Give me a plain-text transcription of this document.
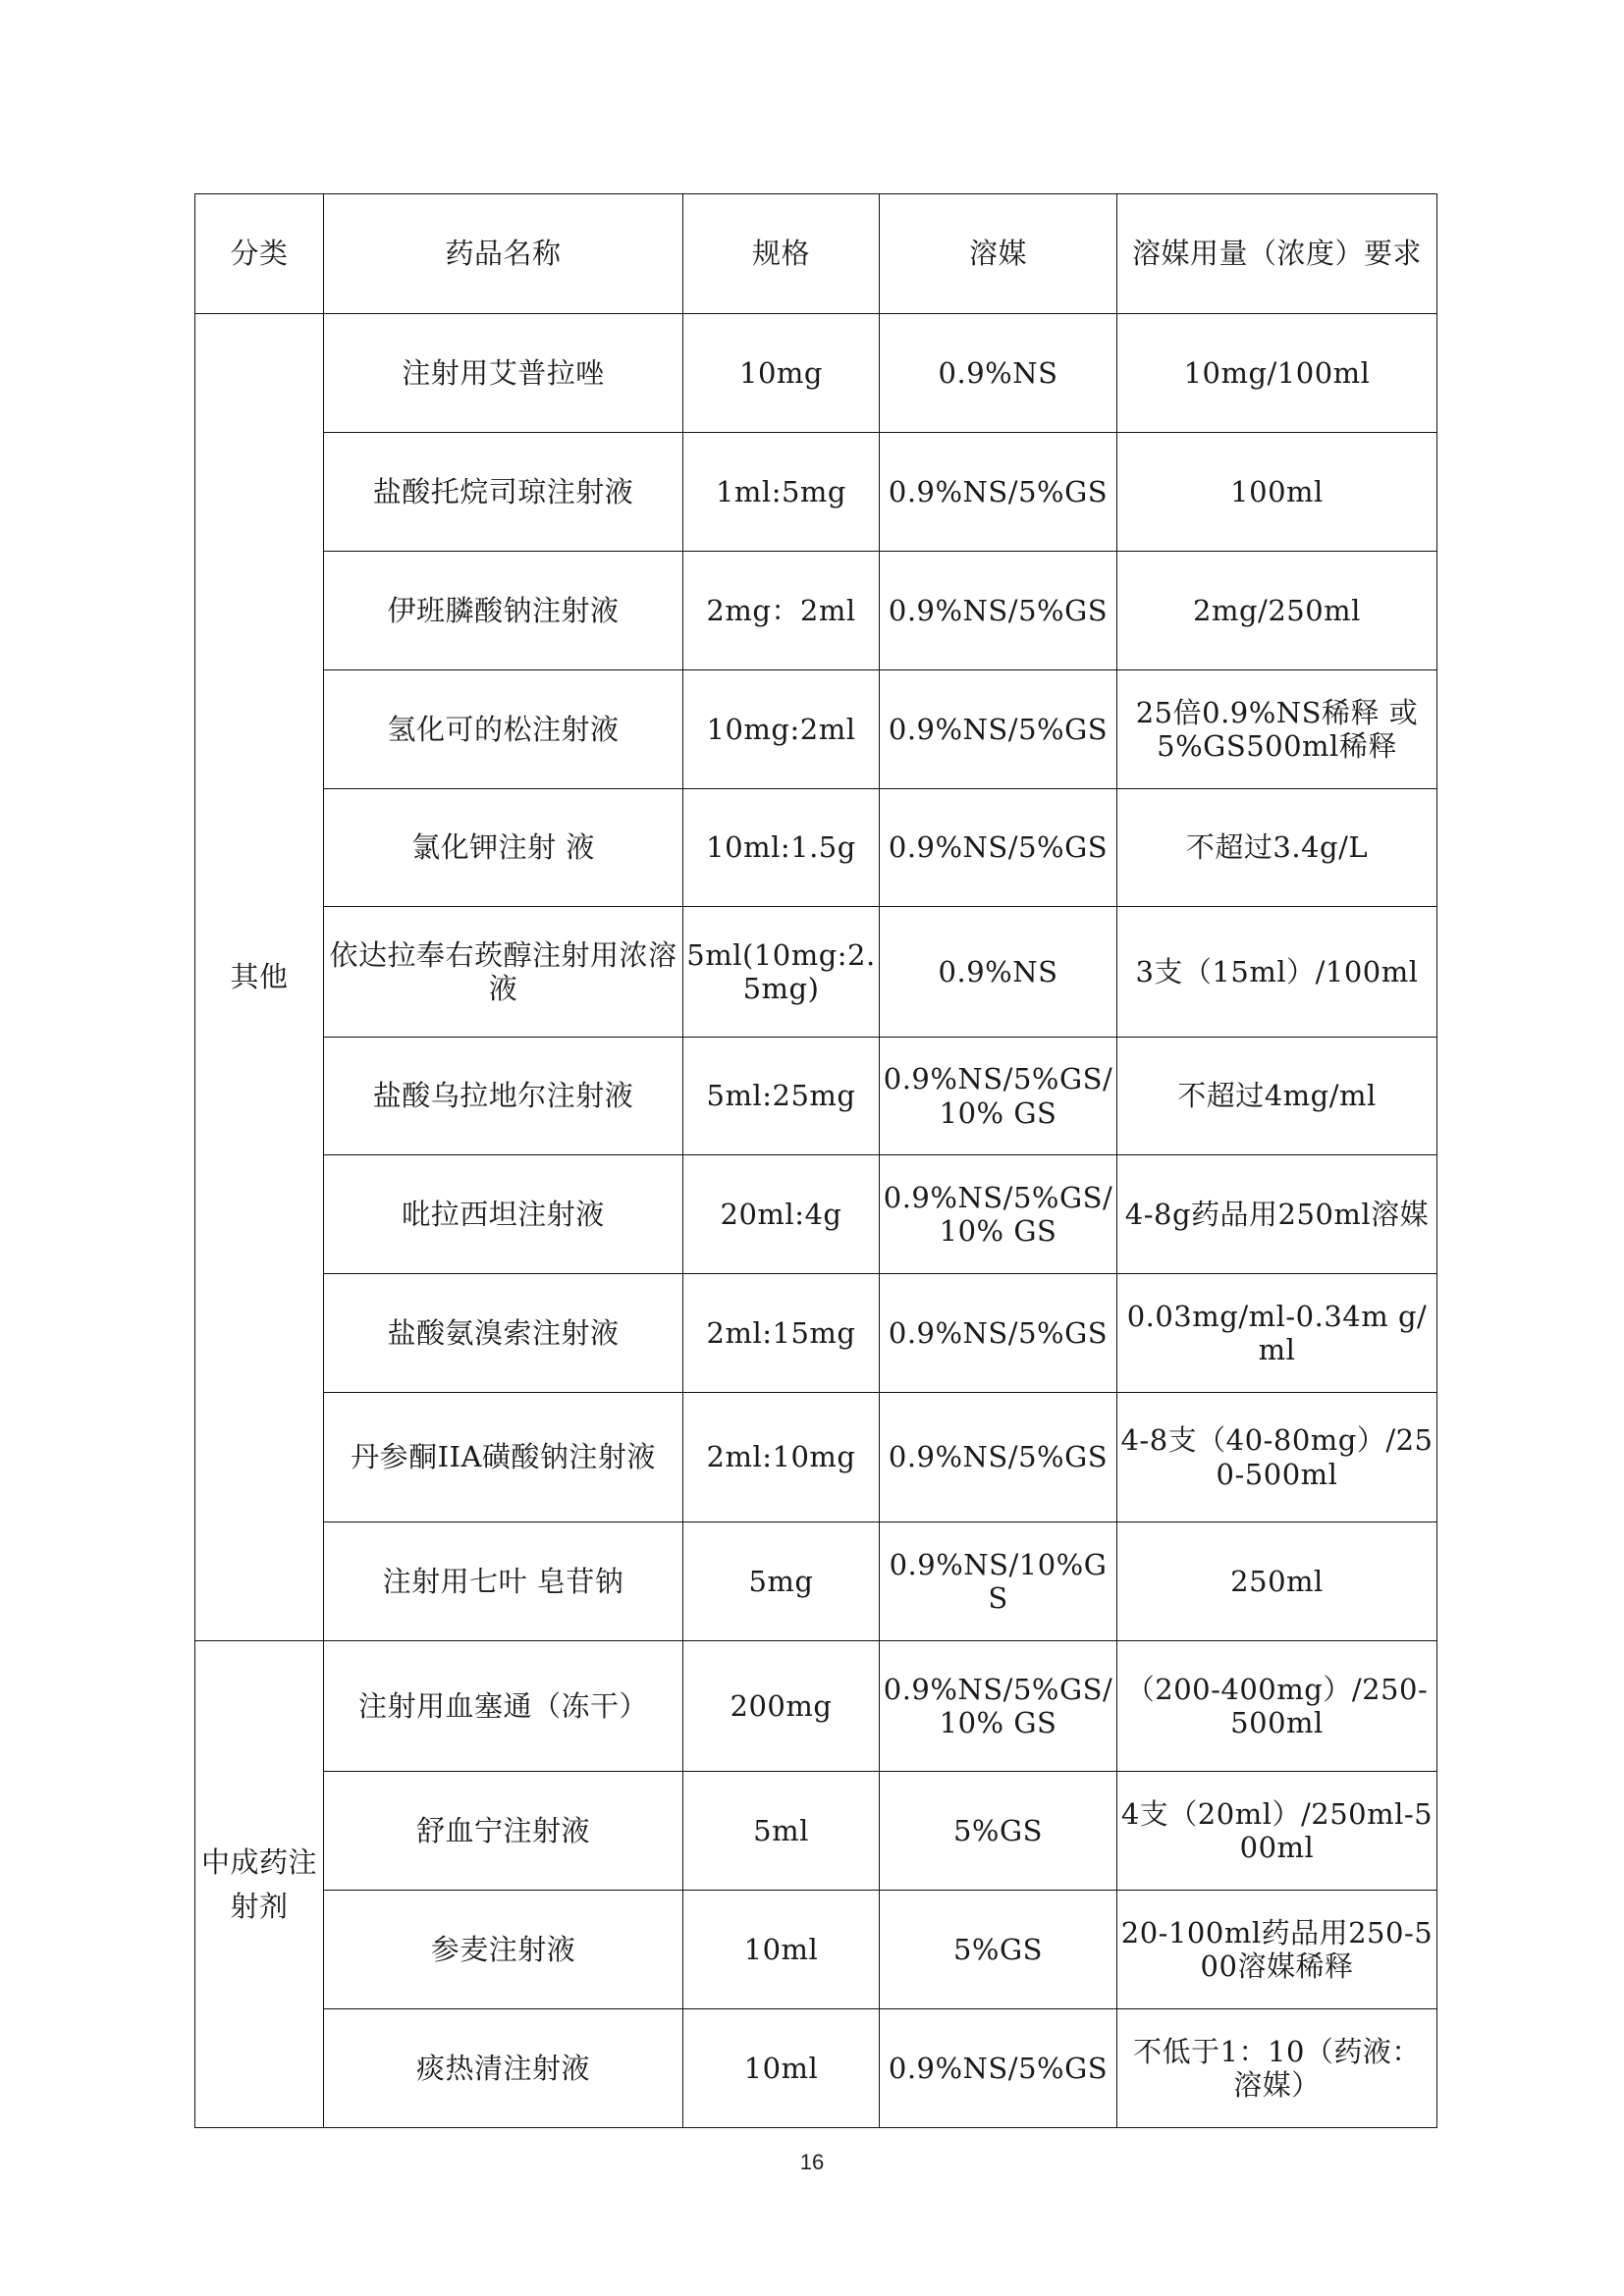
分类	药品名称	规格	溶媒	溶媒用量（浓度）要求
其他	注射用艾普拉唑	10mg	0.9%NS	10mg/100ml
	盐酸托烷司琼注射液	1ml:5mg	0.9%NS/5%GS	100ml
	伊班膦酸钠注射液	2mg：2ml	0.9%NS/5%GS	2mg/250ml
	氢化可的松注射液	10mg:2ml	0.9%NS/5%GS	25倍0.9%NS稀释 或5%GS500ml稀释
	氯化钾注射 液	10ml:1.5g	0.9%NS/5%GS	不超过3.4g/L
	依达拉奉右莰醇注射用浓溶液	5ml(10mg:2.5mg)	0.9%NS	3支（15ml）/100ml
	盐酸乌拉地尔注射液	5ml:25mg	0.9%NS/5%GS/10% GS	不超过4mg/ml
	吡拉西坦注射液	20ml:4g	0.9%NS/5%GS/10% GS	4-8g药品用250ml溶媒
	盐酸氨溴索注射液	2ml:15mg	0.9%NS/5%GS	0.03mg/ml-0.34m g/ml
	丹参酮IIA磺酸钠注射液	2ml:10mg	0.9%NS/5%GS	4-8支（40-80mg）/250-500ml
	注射用七叶 皂苷钠	5mg	0.9%NS/10%GS	250ml
中成药注射剂	注射用血塞通（冻干）	200mg	0.9%NS/5%GS/10% GS	（200-400mg）/250-500ml
	舒血宁注射液	5ml	5%GS	4支（20ml）/250ml-500ml
	参麦注射液	10ml	5%GS	20-100ml药品用250-500溶媒稀释
	痰热清注射液	10ml	0.9%NS/5%GS	不低于1：10（药液：溶媒）
16
